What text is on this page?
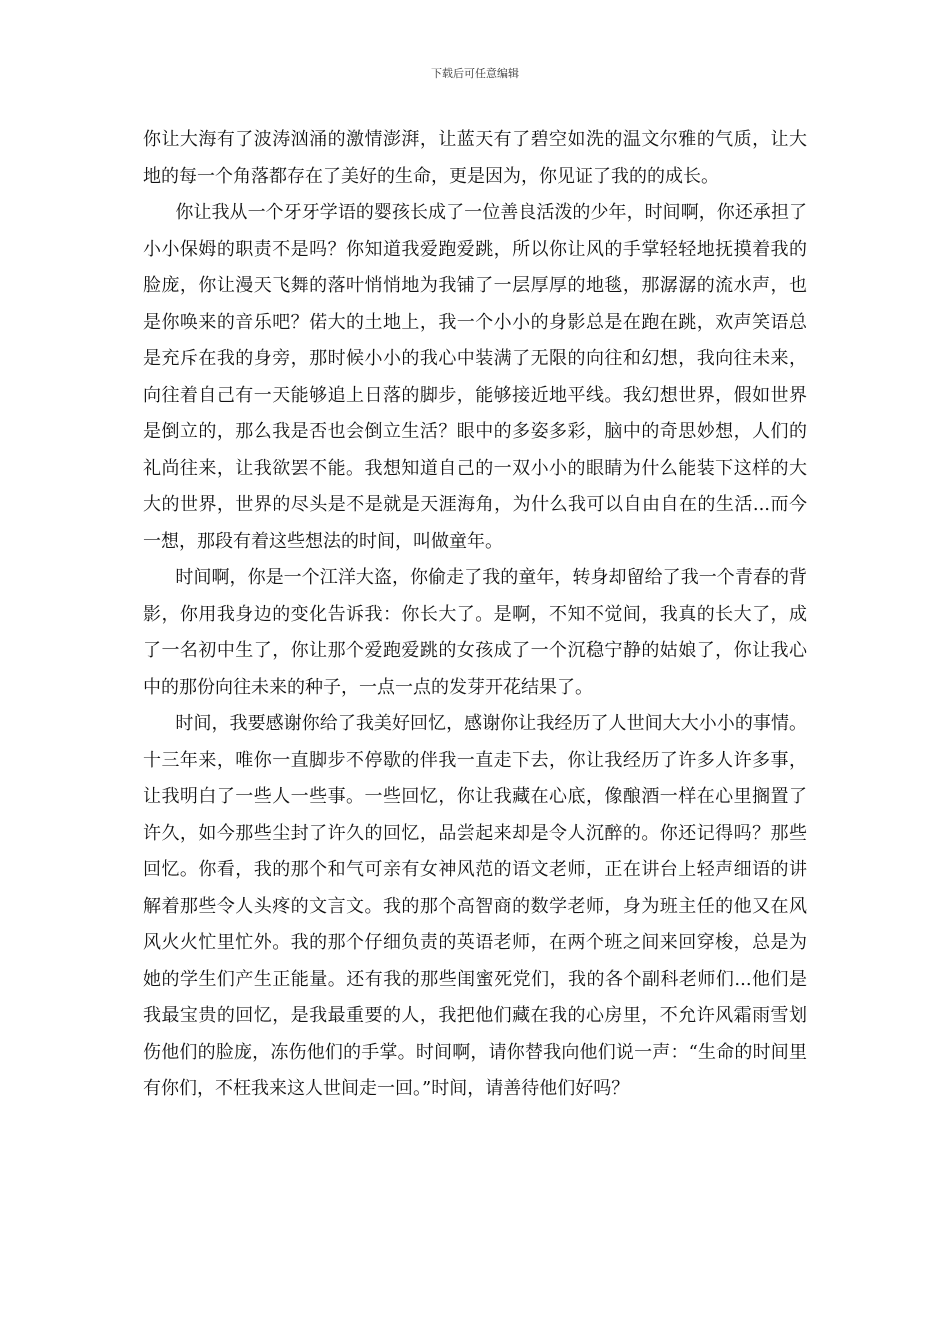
下载后可任意编辑

你让大海有了波涛汹涌的激情澎湃，让蓝天有了碧空如洗的温文尔雅的气质，让大地的每一个角落都存在了美好的生命，更是因为，你见证了我的的成长。

你让我从一个牙牙学语的婴孩长成了一位善良活泼的少年，时间啊，你还承担了小小保姆的职责不是吗？你知道我爱跑爱跳，所以你让风的手掌轻轻地抚摸着我的脸庞，你让漫天飞舞的落叶悄悄地为我铺了一层厚厚的地毯，那潺潺的流水声，也是你唤来的音乐吧？偌大的土地上，我一个小小的身影总是在跑在跳，欢声笑语总是充斥在我的身旁，那时候小小的我心中装满了无限的向往和幻想，我向往未来，向往着自己有一天能够追上日落的脚步，能够接近地平线。我幻想世界，假如世界是倒立的，那么我是否也会倒立生活？眼中的多姿多彩，脑中的奇思妙想，人们的礼尚往来，让我欲罢不能。我想知道自己的一双小小的眼睛为什么能装下这样的大大的世界，世界的尽头是不是就是天涯海角，为什么我可以自由自在的生活...而今一想，那段有着这些想法的时间，叫做童年。

时间啊，你是一个江洋大盗，你偷走了我的童年，转身却留给了我一个青春的背影，你用我身边的变化告诉我：你长大了。是啊，不知不觉间，我真的长大了，成了一名初中生了，你让那个爱跑爱跳的女孩成了一个沉稳宁静的姑娘了，你让我心中的那份向往未来的种子，一点一点的发芽开花结果了。

时间，我要感谢你给了我美好回忆，感谢你让我经历了人世间大大小小的事情。十三年来，唯你一直脚步不停歇的伴我一直走下去，你让我经历了许多人许多事，让我明白了一些人一些事。一些回忆，你让我藏在心底，像酿酒一样在心里搁置了许久，如今那些尘封了许久的回忆，品尝起来却是令人沉醉的。你还记得吗？那些回忆。你看，我的那个和气可亲有女神风范的语文老师，正在讲台上轻声细语的讲解着那些令人头疼的文言文。我的那个高智商的数学老师，身为班主任的他又在风风火火忙里忙外。我的那个仔细负责的英语老师，在两个班之间来回穿梭，总是为她的学生们产生正能量。还有我的那些闺蜜死党们，我的各个副科老师们...他们是我最宝贵的回忆，是我最重要的人，我把他们藏在我的心房里，不允许风霜雨雪划伤他们的脸庞，冻伤他们的手掌。时间啊，请你替我向他们说一声：“生命的时间里有你们，不枉我来这人世间走一回。”时间，请善待他们好吗？
